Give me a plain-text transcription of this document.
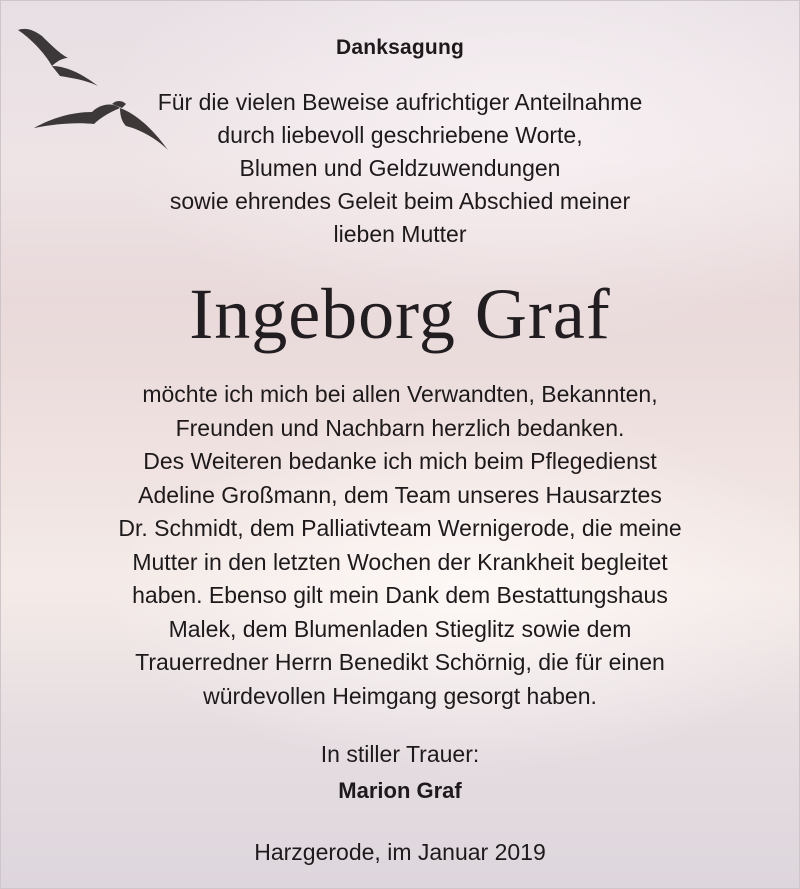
Danksagung
Für die vielen Beweise aufrichtiger Anteilnahme
durch liebevoll geschriebene Worte,
Blumen und Geldzuwendungen
sowie ehrendes Geleit beim Abschied meiner
lieben Mutter
Ingeborg Graf
möchte ich mich bei allen Verwandten, Bekannten,
Freunden und Nachbarn herzlich bedanken.
Des Weiteren bedanke ich mich beim Pflegedienst
Adeline Großmann, dem Team unseres Hausarztes
Dr. Schmidt, dem Palliativteam Wernigerode, die meine
Mutter in den letzten Wochen der Krankheit begleitet
haben. Ebenso gilt mein Dank dem Bestattungshaus
Malek, dem Blumenladen Stieglitz sowie dem
Trauerredner Herrn Benedikt Schörnig, die für einen
würdevollen Heimgang gesorgt haben.
In stiller Trauer:
Marion Graf
Harzgerode, im Januar 2019
